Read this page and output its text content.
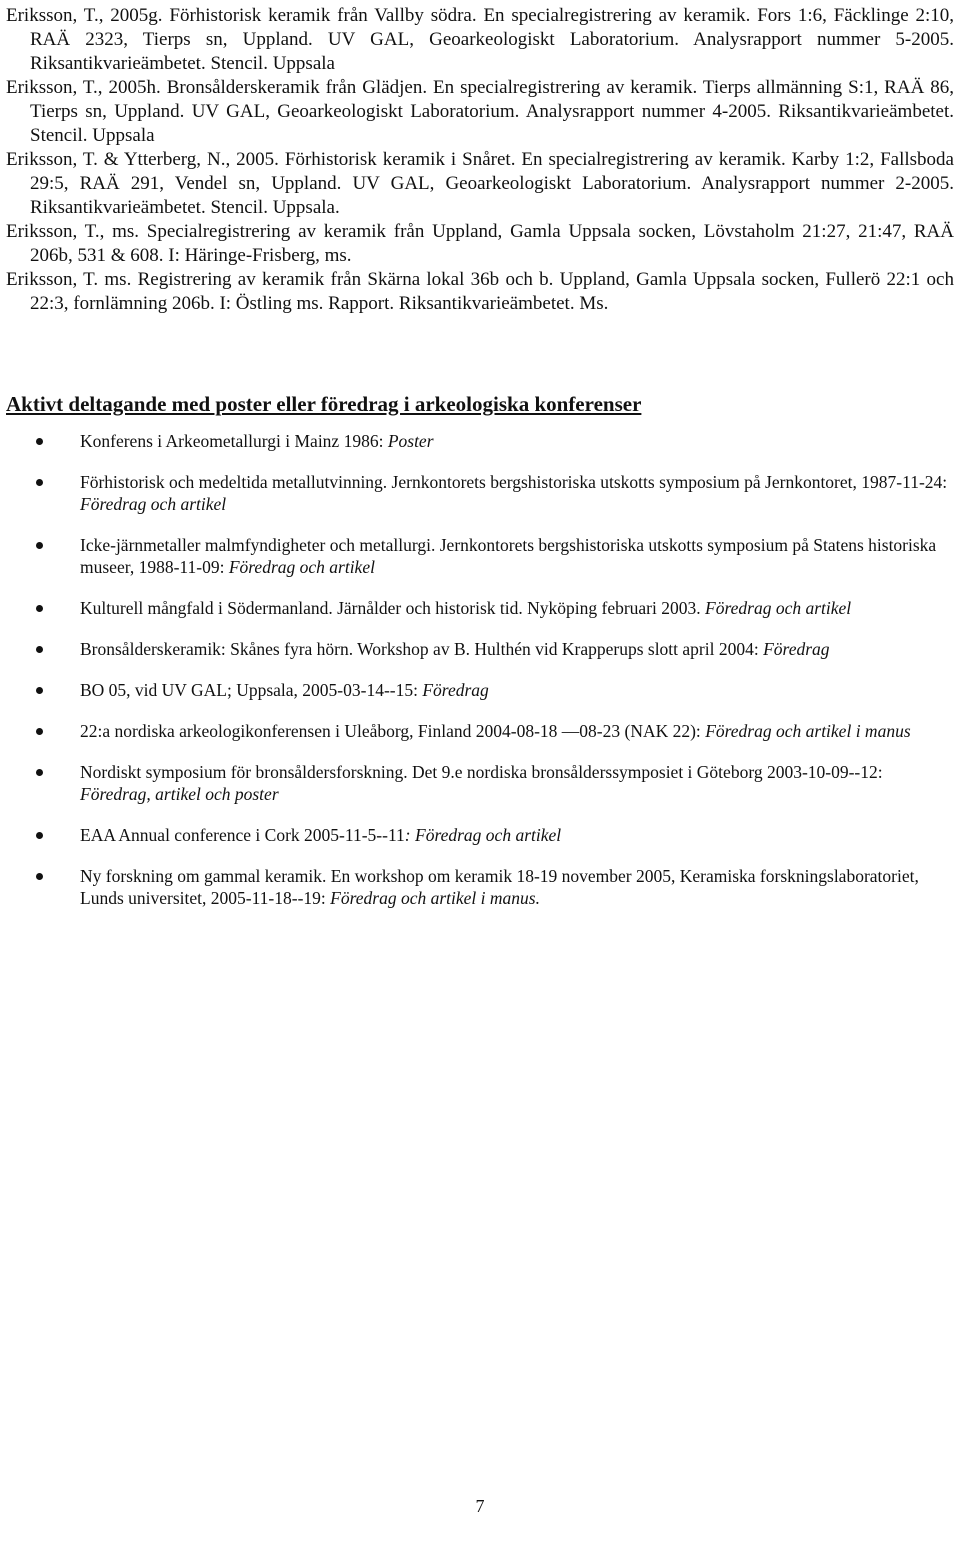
Eriksson, T., 2005g. Förhistorisk keramik från Vallby södra. En specialregistrering av keramik. Fors 1:6, Fäcklinge 2:10, RAÄ 2323, Tierps sn, Uppland. UV GAL, Geoarkeologiskt Laboratorium. Analysrapport nummer 5-2005. Riksantikvarieämbetet. Stencil. Uppsala

Eriksson, T., 2005h. Bronsålderskeramik från Glädjen. En specialregistrering av keramik. Tierps allmänning S:1, RAÄ 86, Tierps sn, Uppland. UV GAL, Geoarkeologiskt Laboratorium. Analysrapport nummer 4-2005. Riksantikvarieämbetet. Stencil. Uppsala

Eriksson, T. & Ytterberg, N., 2005. Förhistorisk keramik i Snåret. En specialregistrering av keramik. Karby 1:2, Fallsboda 29:5, RAÄ 291, Vendel sn, Uppland. UV GAL, Geoarkeologiskt Laboratorium. Analysrapport nummer 2-2005. Riksantikvarieämbetet. Stencil. Uppsala.

Eriksson, T., ms. Specialregistrering av keramik från Uppland, Gamla Uppsala socken, Lövstaholm 21:27, 21:47, RAÄ 206b, 531 & 608. I: Häringe-Frisberg, ms.

Eriksson, T. ms. Registrering av keramik från Skärna lokal 36b och b. Uppland, Gamla Uppsala socken, Fullerö 22:1 och 22:3, fornlämning 206b. I: Östling ms. Rapport. Riksantikvarieämbetet. Ms.

Aktivt deltagande med poster eller föredrag i arkeologiska konferenser
Konferens i Arkeometallurgi i Mainz 1986: Poster
Förhistorisk och medeltida metallutvinning. Jernkontorets bergshistoriska utskotts symposium på Jernkontoret, 1987-11-24: Föredrag och artikel
Icke-järnmetaller malmfyndigheter och metallurgi. Jernkontorets bergshistoriska utskotts symposium på Statens historiska museer, 1988-11-09: Föredrag och artikel
Kulturell mångfald i Södermanland. Järnålder och historisk tid. Nyköping februari 2003. Föredrag och artikel
Bronsålderskeramik: Skånes fyra hörn. Workshop av B. Hulthén vid Krapperups slott april 2004: Föredrag
BO 05, vid UV GAL; Uppsala, 2005-03-14--15: Föredrag
22:a nordiska arkeologikonferensen i Uleåborg, Finland 2004-08-18 —08-23 (NAK 22): Föredrag och artikel i manus
Nordiskt symposium för bronsåldersforskning. Det 9.e nordiska bronsålderssymposiet i Göteborg 2003-10-09--12: Föredrag, artikel och poster
EAA Annual conference i Cork 2005-11-5--11: Föredrag och artikel
Ny forskning om gammal keramik. En workshop om keramik 18-19 november 2005, Keramiska forskningslaboratoriet, Lunds universitet, 2005-11-18--19: Föredrag och artikel i manus.
7
